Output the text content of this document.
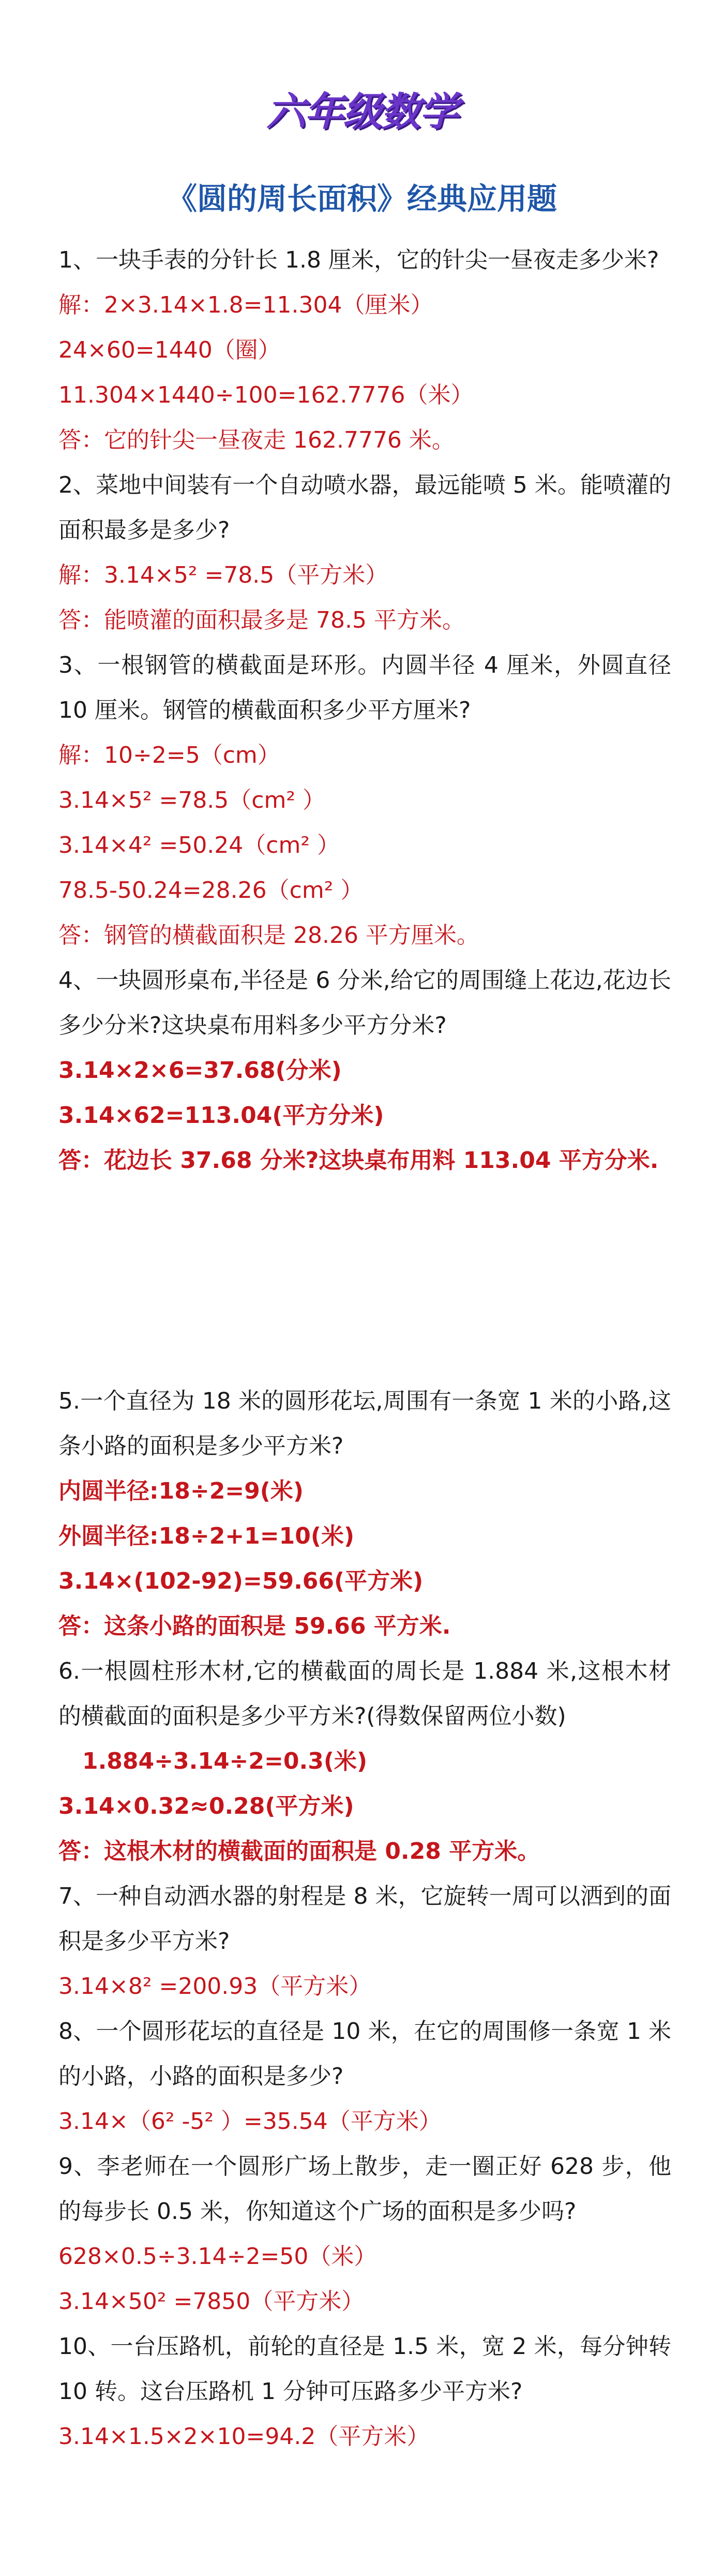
六年级数学
《圆的周长面积》经典应用题

1、一块手表的分针长 1.8 厘米，它的针尖一昼夜走多少米?

解：2×3.14×1.8=11.304（厘米）

24×60=1440（圈）

11.304×1440÷100=162.7776（米）

答：它的针尖一昼夜走 162.7776 米。

2、菜地中间装有一个自动喷水器，最远能喷 5 米。能喷灌的面积最多是多少?

解：3.14×5² =78.5（平方米）

答：能喷灌的面积最多是 78.5 平方米。

3、一根钢管的横截面是环形。内圆半径 4 厘米，外圆直径 10 厘米。钢管的横截面积多少平方厘米?

解：10÷2=5（cm）

3.14×5² =78.5（cm² ）

3.14×4² =50.24（cm² ）

78.5-50.24=28.26（cm² ）

答：钢管的横截面积是 28.26 平方厘米。

4、一块圆形桌布,半径是 6 分米,给它的周围缝上花边,花边长多少分米?这块桌布用料多少平方分米?

3.14×2×6=37.68(分米)

3.14×62=113.04(平方分米)

答：花边长 37.68 分米?这块桌布用料 113.04 平方分米.

5.一个直径为 18 米的圆形花坛,周围有一条宽 1 米的小路,这条小路的面积是多少平方米?

内圆半径:18÷2=9(米)

外圆半径:18÷2+1=10(米)

3.14×(102-92)=59.66(平方米)

答：这条小路的面积是 59.66 平方米.

6.一根圆柱形木材,它的横截面的周长是 1.884 米,这根木材的横截面的面积是多少平方米?(得数保留两位小数)

1.884÷3.14÷2=0.3(米)

3.14×0.32≈0.28(平方米)

答：这根木材的横截面的面积是 0.28 平方米。

7、一种自动洒水器的射程是 8 米，它旋转一周可以洒到的面积是多少平方米?

3.14×8² =200.93（平方米）

8、一个圆形花坛的直径是 10 米，在它的周围修一条宽 1 米的小路，小路的面积是多少?

3.14×（6² -5² ）=35.54（平方米）

9、李老师在一个圆形广场上散步，走一圈正好 628 步，他的每步长 0.5 米，你知道这个广场的面积是多少吗?

628×0.5÷3.14÷2=50（米）

3.14×50² =7850（平方米）

10、一台压路机，前轮的直径是 1.5 米，宽 2 米，每分钟转 10 转。这台压路机 1 分钟可压路多少平方米?

3.14×1.5×2×10=94.2（平方米）
